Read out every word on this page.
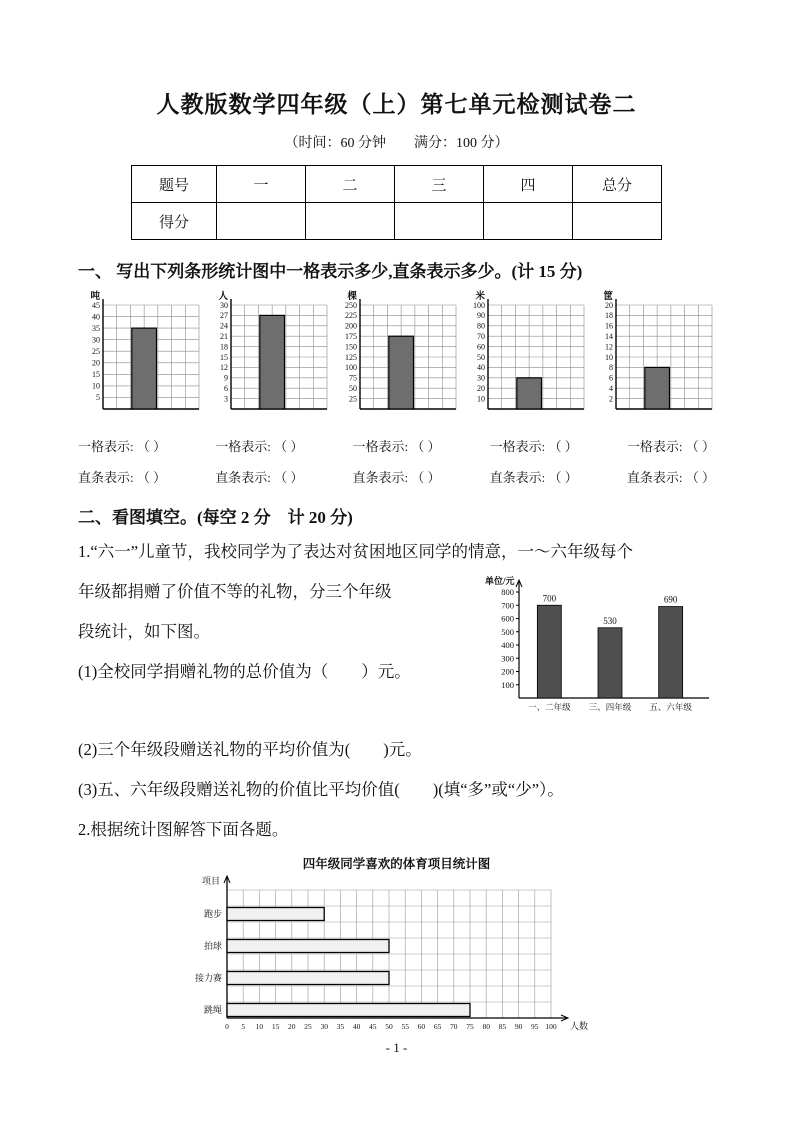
人教版数学四年级（上）第七单元检测试卷二
（时间：60 分钟　　满分：100 分）
题号	一	二	三	四	总分
得分					
一、 写出下列条形统计图中一格表示多少,直条表示多少。(计 15 分)
5
10
15
20
25
30
35
40
45
吨
3
6
9
12
15
18
21
24
27
30
人
25
50
75
100
125
150
175
200
225
250
棵
10
20
30
40
50
60
70
80
90
100
米
2
4
6
8
10
12
14
16
18
20
筐
一格表示: （ ）	一格表示: （ ）	一格表示: （ ）	一格表示: （ ）	一格表示: （ ）
直条表示: （ ）	直条表示: （ ）	直条表示: （ ）	直条表示: （ ）	直条表示: （ ）
二、看图填空。(每空 2 分　计 20 分)
1.“六一”儿童节，我校同学为了表达对贫困地区同学的情意，一～六年级每个
年级都捐赠了价值不等的礼物，分三个年级
段统计，如下图。
(1)全校同学捐赠礼物的总价值为（　　）元。
单位/元
100
200
300
400
500
600
700
800
700
一、二年级
530
三、四年级
690
五、六年级
(2)三个年级段赠送礼物的平均价值为(　　)元。
(3)五、六年级段赠送礼物的价值比平均价值(　　)(填“多”或“少”）。
2.根据统计图解答下面各题。
四年级同学喜欢的体育项目统计图
项目
0 5 10 15 20 25 30 35 40 45 50 55 60 65 70 75 80 85 90 95 100 人数
跑步
拍球
接力赛
跳绳
- 1 -
